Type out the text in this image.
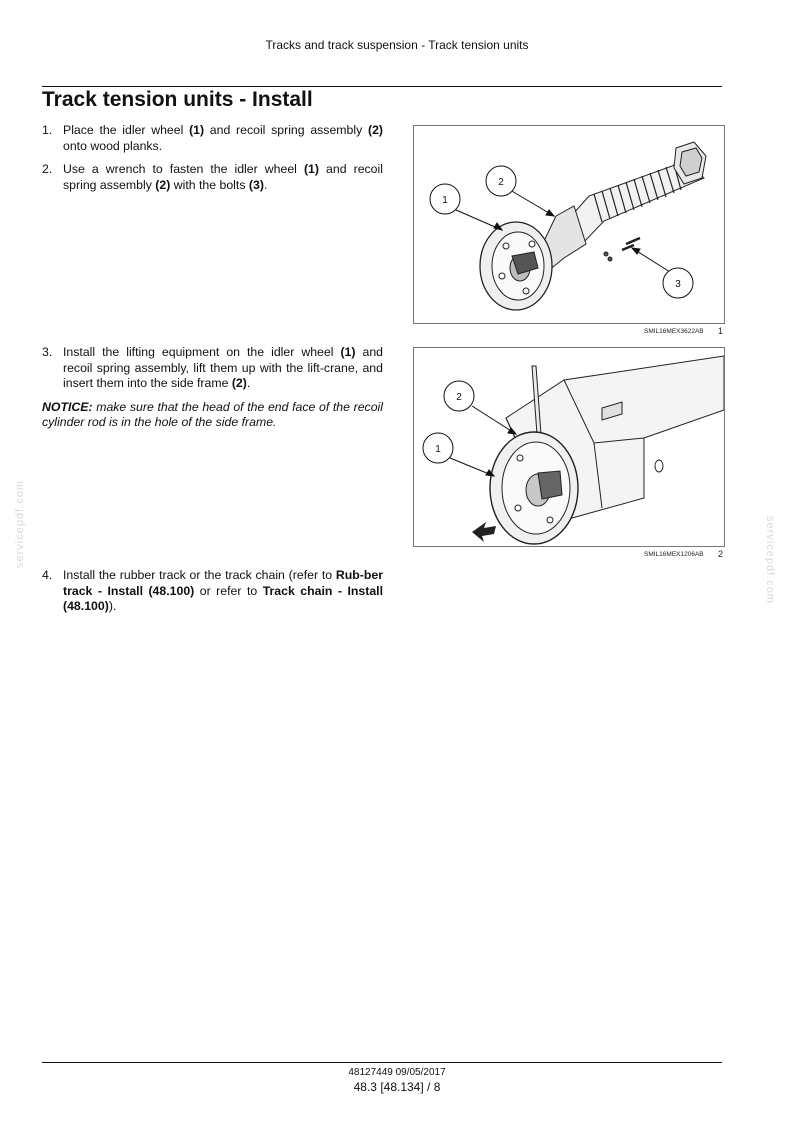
Tracks and track suspension - Track tension units
Track tension units - Install
1. Place the idler wheel (1) and recoil spring assembly (2) onto wood planks.
2. Use a wrench to fasten the idler wheel (1) and recoil spring assembly (2) with the bolts (3).
3. Install the lifting equipment on the idler wheel (1) and recoil spring assembly, lift them up with the lift-crane, and insert them into the side frame (2).

NOTICE: make sure that the head of the end face of the recoil cylinder rod is in the hole of the side frame.

4. Install the rubber track or the track chain (refer to Rub-ber track - Install (48.100) or refer to Track chain - Install (48.100)).
1
2
3
SMIL16MEX3622AB 1
2
1
SMIL16MEX1206AB 2
servicepdf.com	servicepdf.com
48127449 09/05/2017
48.3 [48.134] / 8
